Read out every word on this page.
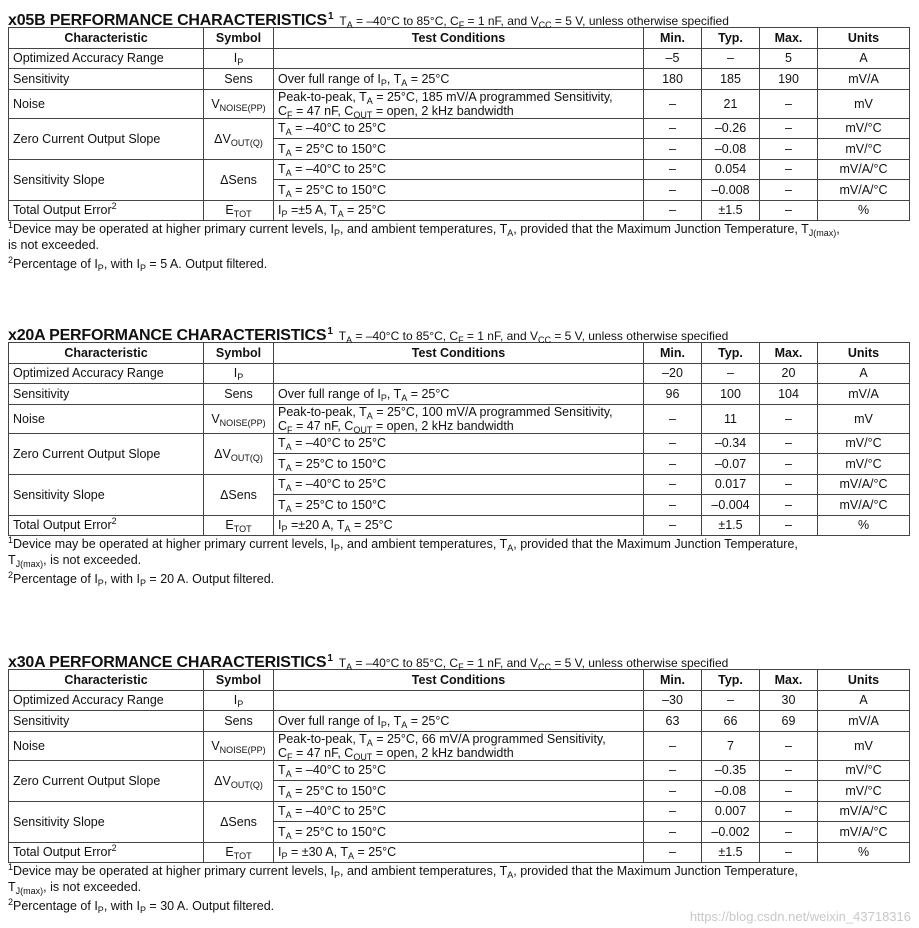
x05B PERFORMANCE CHARACTERISTICS$^1$ $T_A = -40^\circ C$ to 85°C, $C_F = 1$ nF, and $V_{CC} = 5$ V, unless otherwise specified
Characteristic	Symbol	Test Conditions	Min.	Typ.	Max.	Units
Optimized Accuracy Range	$I_P$		–5	–	5	A
Sensitivity	Sens	Over full range of $I_P$, $T_A = 25^\circ C$	180	185	190	mV/A
Noise	$V_{NOISE(PP)}$	Peak-to-peak, $T_A = 25^\circ C$, 185 mV/A programmed Sensitivity,
$C_F = 47$ nF, $C_{OUT}$ = open, 2 kHz bandwidth	–	21	–	mV
Zero Current Output Slope	$\Delta V_{OUT(Q)}$	$T_A = -40^\circ C$ to 25°C	–	–0.26	–	mV/°C
		$T_A = 25^\circ C$ to 150°C	–	–0.08	–	mV/°C
Sensitivity Slope	ΔSens	$T_A = -40^\circ C$ to 25°C	–	0.054	–	mV/A/°C
		$T_A = 25^\circ C$ to 150°C	–	–0.008	–	mV/A/°C
Total Output Error$^2$	$E_{TOT}$	$I_P =\pm 5$ A, $T_A = 25^\circ C$	–	±1.5	–	%
$^1$Device may be operated at higher primary current levels, $I_P$, and ambient temperatures, $T_A$, provided that the Maximum Junction Temperature, $T_{J(max)}$,
is not exceeded.
$^2$Percentage of $I_P$, with $I_P = 5$ A. Output filtered.
x20A PERFORMANCE CHARACTERISTICS$^1$ $T_A = -40^\circ C$ to 85°C, $C_F = 1$ nF, and $V_{CC} = 5$ V, unless otherwise specified
Characteristic	Symbol	Test Conditions	Min.	Typ.	Max.	Units
Optimized Accuracy Range	$I_P$		–20	–	20	A
Sensitivity	Sens	Over full range of $I_P$, $T_A = 25^\circ C$	96	100	104	mV/A
Noise	$V_{NOISE(PP)}$	Peak-to-peak, $T_A = 25^\circ C$, 100 mV/A programmed Sensitivity,
$C_F = 47$ nF, $C_{OUT}$ = open, 2 kHz bandwidth	–	11	–	mV
Zero Current Output Slope	$\Delta V_{OUT(Q)}$	$T_A = -40^\circ C$ to 25°C	–	–0.34	–	mV/°C
		$T_A = 25^\circ C$ to 150°C	–	–0.07	–	mV/°C
Sensitivity Slope	ΔSens	$T_A = -40^\circ C$ to 25°C	–	0.017	–	mV/A/°C
		$T_A = 25^\circ C$ to 150°C	–	–0.004	–	mV/A/°C
Total Output Error$^2$	$E_{TOT}$	$I_P =\pm 20$ A, $T_A = 25^\circ C$	–	±1.5	–	%
$^1$Device may be operated at higher primary current levels, $I_P$, and ambient temperatures, $T_A$, provided that the Maximum Junction Temperature,
$T_{J(max)}$, is not exceeded.
$^2$Percentage of $I_P$, with $I_P = 20$ A. Output filtered.
x30A PERFORMANCE CHARACTERISTICS$^1$ $T_A = -40^\circ C$ to 85°C, $C_F = 1$ nF, and $V_{CC} = 5$ V, unless otherwise specified
Characteristic	Symbol	Test Conditions	Min.	Typ.	Max.	Units
Optimized Accuracy Range	$I_P$		–30	–	30	A
Sensitivity	Sens	Over full range of $I_P$, $T_A = 25^\circ C$	63	66	69	mV/A
Noise	$V_{NOISE(PP)}$	Peak-to-peak, $T_A = 25^\circ C$, 66 mV/A programmed Sensitivity,
$C_F = 47$ nF, $C_{OUT}$ = open, 2 kHz bandwidth	–	7	–	mV
Zero Current Output Slope	$\Delta V_{OUT(Q)}$	$T_A = -40^\circ C$ to 25°C	–	–0.35	–	mV/°C
		$T_A = 25^\circ C$ to 150°C	–	–0.08	–	mV/°C
Sensitivity Slope	ΔSens	$T_A = -40^\circ C$ to 25°C	–	0.007	–	mV/A/°C
		$T_A = 25^\circ C$ to 150°C	–	–0.002	–	mV/A/°C
Total Output Error$^2$	$E_{TOT}$	$I_P = \pm 30$ A, $T_A = 25^\circ C$	–	±1.5	–	%
$^1$Device may be operated at higher primary current levels, $I_P$, and ambient temperatures, $T_A$, provided that the Maximum Junction Temperature,
$T_{J(max)}$, is not exceeded.
$^2$Percentage of $I_P$, with $I_P = 30$ A. Output filtered.
https://blog.csdn.net/weixin_43718316
